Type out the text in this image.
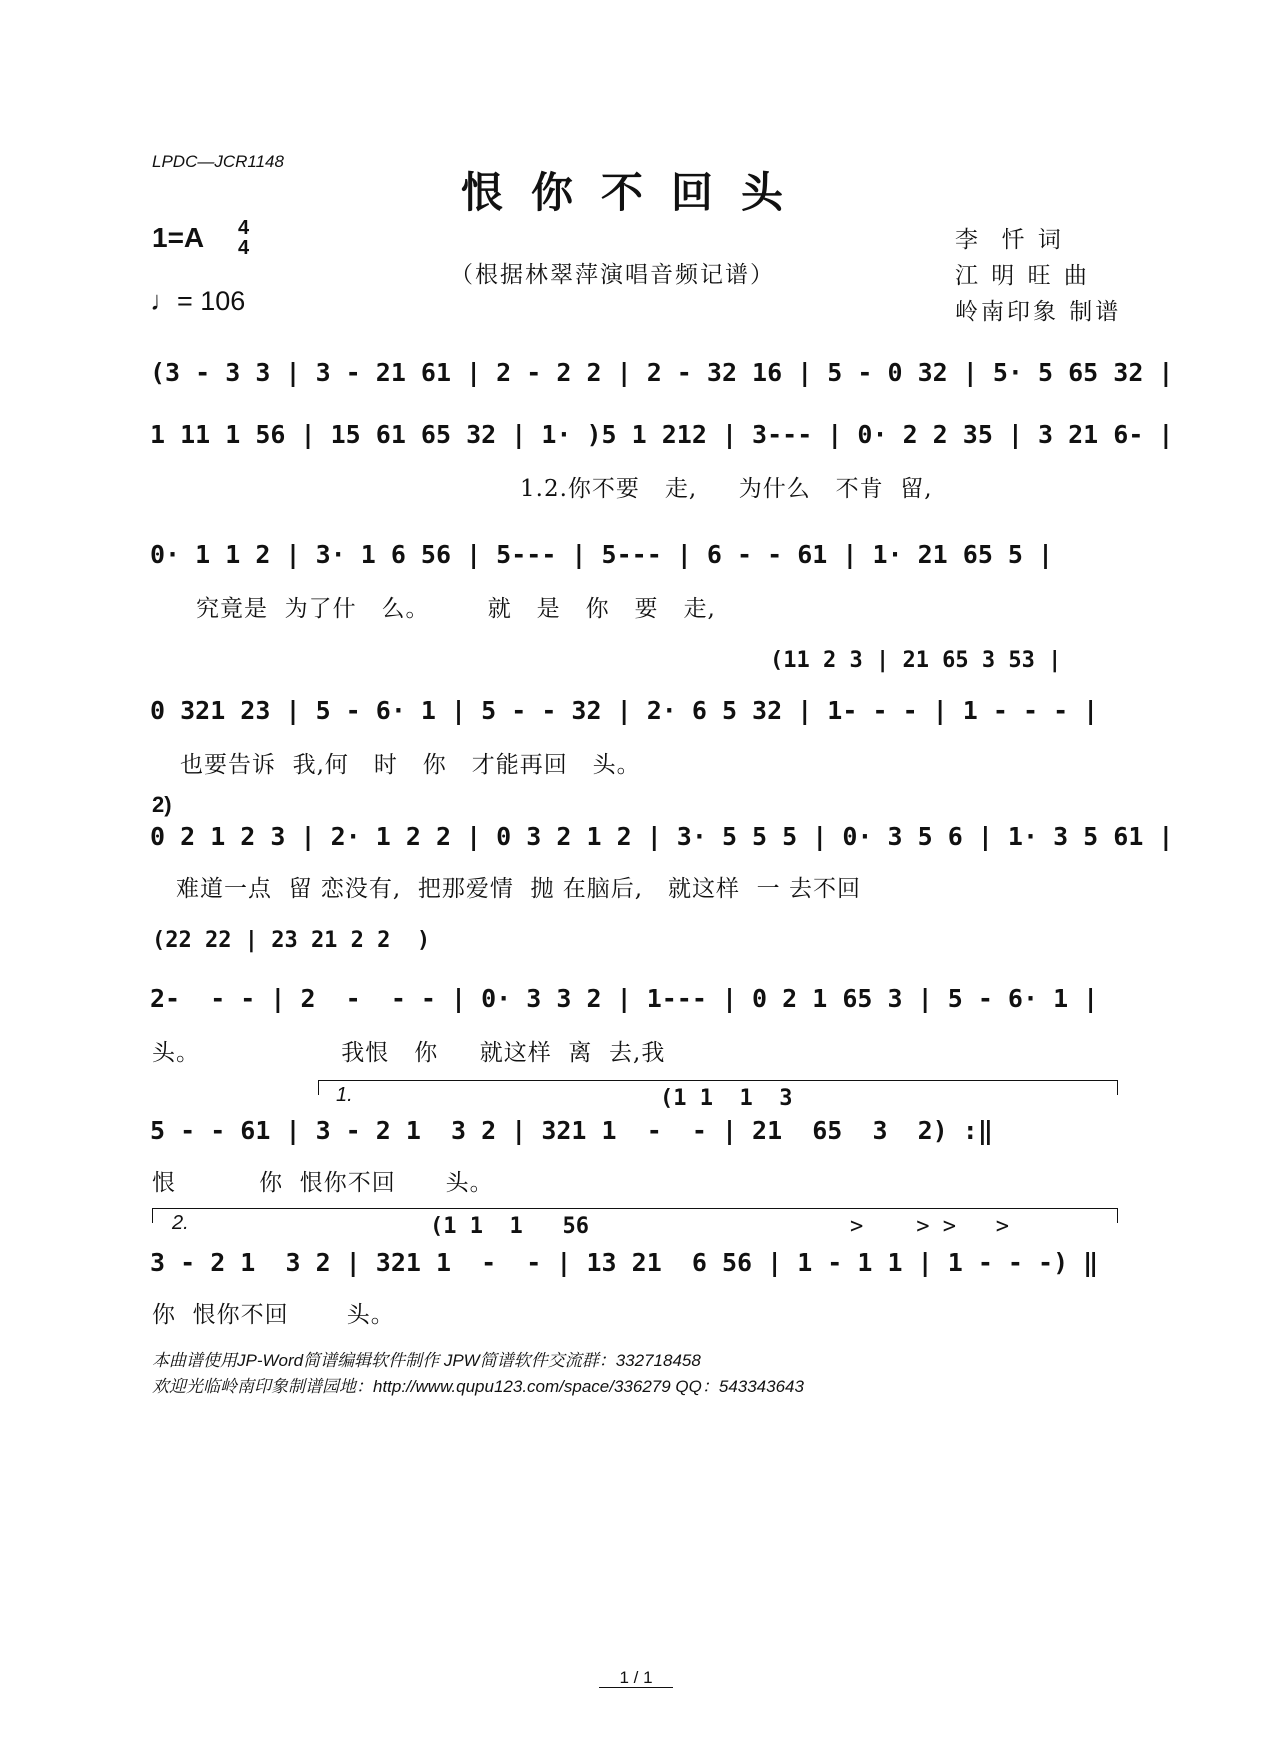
LPDC—JCR1148
恨你不回头
1=A 4
4
♩= 106
（根据林翠萍演唱音频记谱）
李  忏 词
江 明 旺 曲
岭南印象 制谱
(3 - 3 3 | 3 - 21 61 | 2 - 2 2 | 2 - 32 16 | 5 - 0 32 | 5· 5 65 32 |
1 11 1 56 | 15 61 65 32 | 1· )5 1 212 | 3--- | 0· 2 2 35 | 3 21 6- |
1.2.你不要   走,     为什么   不肯  留,
0· 1 1 2 | 3· 1 6 56 | 5--- | 5--- | 6 - - 61 | 1· 21 65 5 |
究竟是  为了什   么。       就   是   你   要   走,
(11 2 3 | 21 65 3 53 |
0 321 23 | 5 - 6· 1 | 5 - - 32 | 2· 6 5 32 | 1- - - | 1 - - - |
也要告诉  我,何   时   你   才能再回   头。
2)
0 2 1 2 3 | 2· 1 2 2 | 0 3 2 1 2 | 3· 5 5 5 | 0· 3 5 6 | 1· 3 5 61 |
难道一点  留 恋没有,  把那爱情  抛 在脑后,   就这样  一 去不回
(22 22 | 23 21 2 2  )
2-  - - | 2  -  - - | 0· 3 3 2 | 1--- | 0 2 1 65 3 | 5 - 6· 1 |
头。                 我恨   你     就这样  离  去,我
1.	(1 1  1  3
5 - - 61 | 3 - 2 1  3 2 | 321 1  -  - | 21  65  3  2) :‖
恨          你  恨你不回      头。
2.	(1 1  1   56	>    > >   >
3 - 2 1  3 2 | 321 1  -  - | 13 21  6 56 | 1 - 1 1 | 1 - - -) ‖
你  恨你不回       头。
本曲谱使用JP-Word简谱编辑软件制作 JPW简谱软件交流群：332718458
欢迎光临岭南印象制谱园地：http://www.qupu123.com/space/336279 QQ：543343643
1 / 1
